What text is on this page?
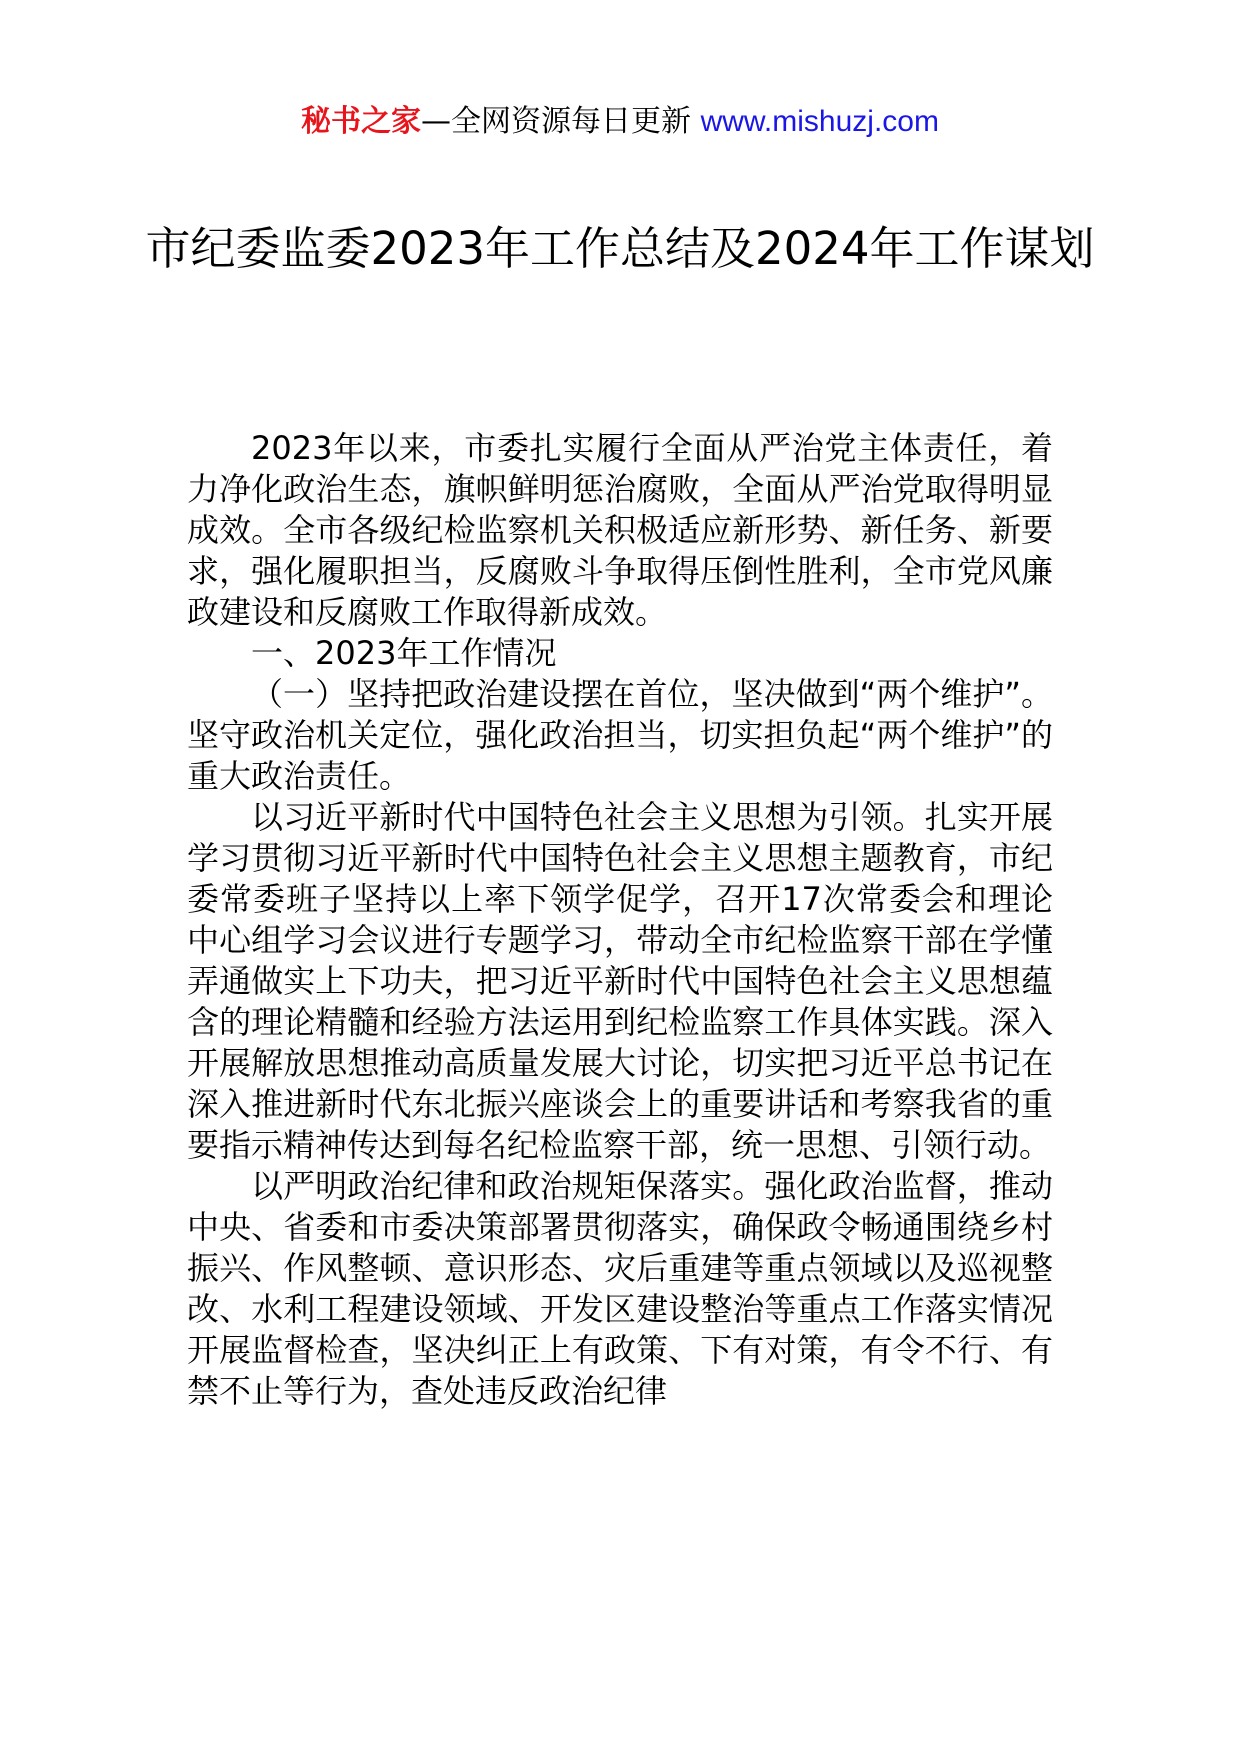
秘书之家—全网资源每日更新 www.mishuzj.com
市纪委监委2023年工作总结及2024年工作谋划

2023年以来，市委扎实履行全面从严治党主体责任，着力净化政治生态，旗帜鲜明惩治腐败，全面从严治党取得明显成效。全市各级纪检监察机关积极适应新形势、新任务、新要求，强化履职担当，反腐败斗争取得压倒性胜利，全市党风廉政建设和反腐败工作取得新成效。

一、2023年工作情况

（一）坚持把政治建设摆在首位，坚决做到“两个维护”。坚守政治机关定位，强化政治担当，切实担负起“两个维护”的重大政治责任。

以习近平新时代中国特色社会主义思想为引领。扎实开展学习贯彻习近平新时代中国特色社会主义思想主题教育，市纪委常委班子坚持以上率下领学促学，召开17次常委会和理论中心组学习会议进行专题学习，带动全市纪检监察干部在学懂弄通做实上下功夫，把习近平新时代中国特色社会主义思想蕴含的理论精髓和经验方法运用到纪检监察工作具体实践。深入开展解放思想推动高质量发展大讨论，切实把习近平总书记在深入推进新时代东北振兴座谈会上的重要讲话和考察我省的重要指示精神传达到每名纪检监察干部，统一思想、引领行动。

以严明政治纪律和政治规矩保落实。强化政治监督，推动中央、省委和市委决策部署贯彻落实，确保政令畅通围绕乡村振兴、作风整顿、意识形态、灾后重建等重点领域以及巡视整改、水利工程建设领域、开发区建设整治等重点工作落实情况开展监督检查，坚决纠正上有政策、下有对策，有令不行、有禁不止等行为，查处违反政治纪律
